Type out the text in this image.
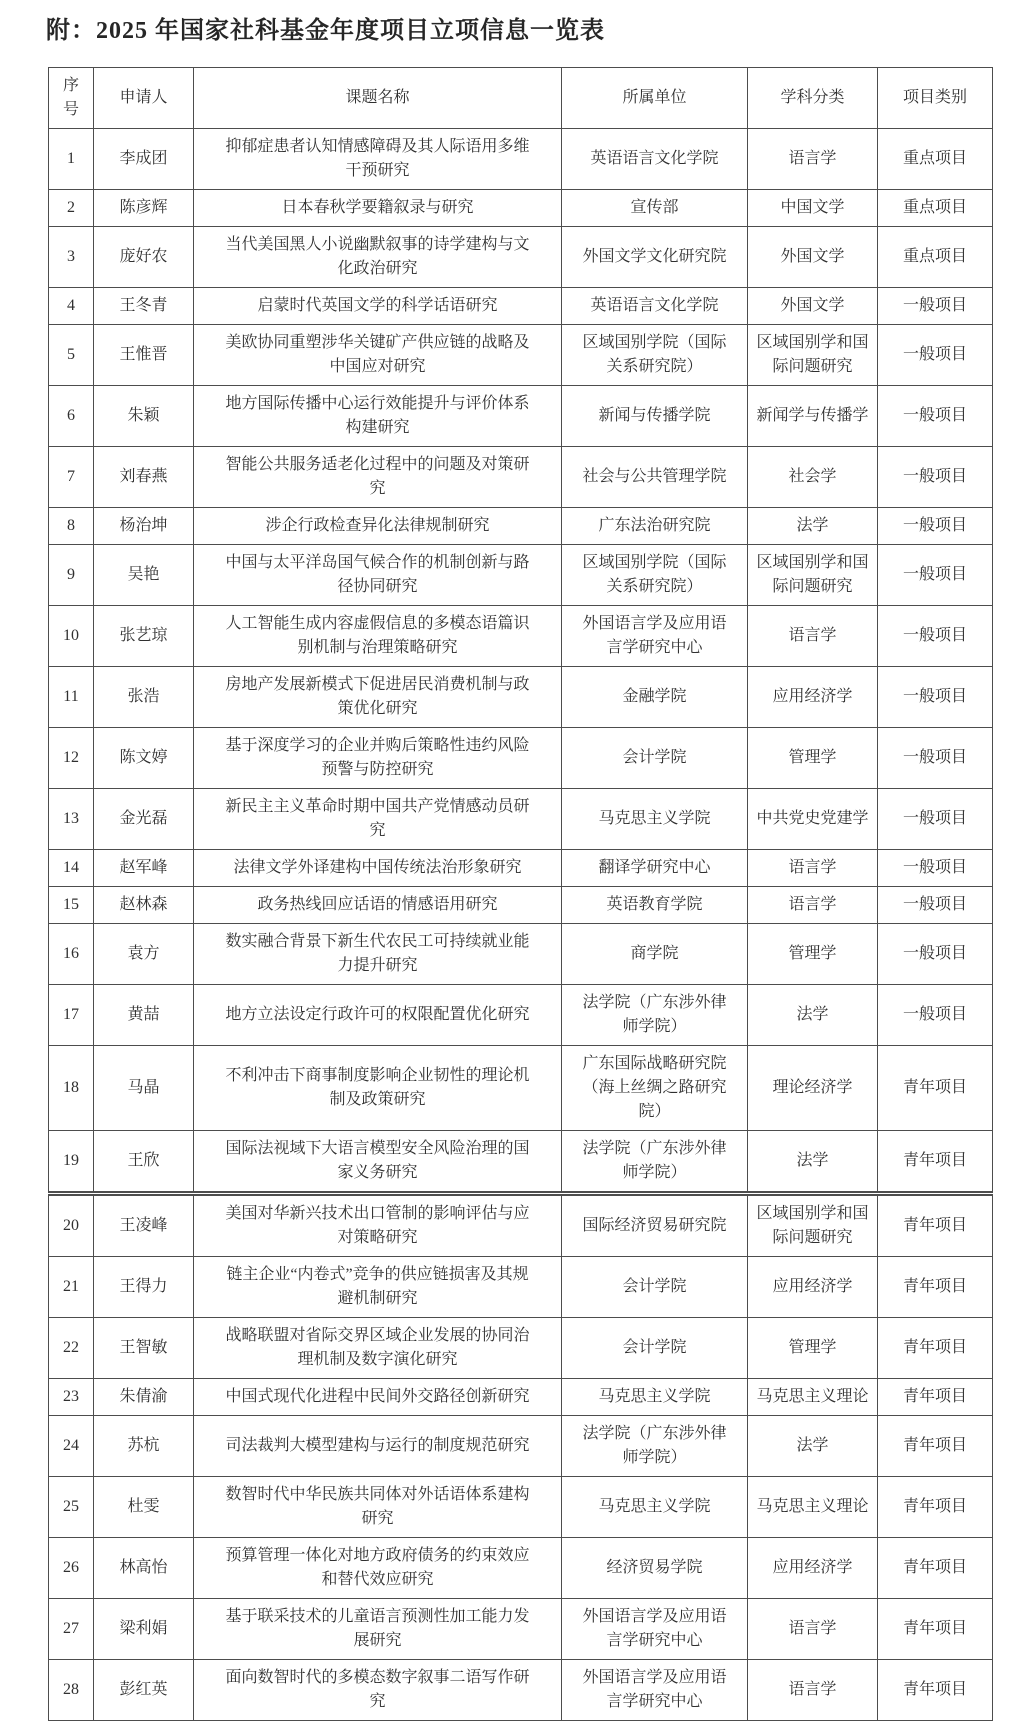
附：2025 年国家社科基金年度项目立项信息一览表
序号	申请人	课题名称	所属单位	学科分类	项目类别
1	李成团	抑郁症患者认知情感障碍及其人际语用多维干预研究	英语语言文化学院	语言学	重点项目
2	陈彦辉	日本春秋学要籍叙录与研究	宣传部	中国文学	重点项目
3	庞好农	当代美国黑人小说幽默叙事的诗学建构与文化政治研究	外国文学文化研究院	外国文学	重点项目
4	王冬青	启蒙时代英国文学的科学话语研究	英语语言文化学院	外国文学	一般项目
5	王惟晋	美欧协同重塑涉华关键矿产供应链的战略及中国应对研究	区域国别学院（国际关系研究院）	区域国别学和国际问题研究	一般项目
6	朱颖	地方国际传播中心运行效能提升与评价体系构建研究	新闻与传播学院	新闻学与传播学	一般项目
7	刘春燕	智能公共服务适老化过程中的问题及对策研究	社会与公共管理学院	社会学	一般项目
8	杨治坤	涉企行政检查异化法律规制研究	广东法治研究院	法学	一般项目
9	吴艳	中国与太平洋岛国气候合作的机制创新与路径协同研究	区域国别学院（国际关系研究院）	区域国别学和国际问题研究	一般项目
10	张艺琼	人工智能生成内容虚假信息的多模态语篇识别机制与治理策略研究	外国语言学及应用语言学研究中心	语言学	一般项目
11	张浩	房地产发展新模式下促进居民消费机制与政策优化研究	金融学院	应用经济学	一般项目
12	陈文婷	基于深度学习的企业并购后策略性违约风险预警与防控研究	会计学院	管理学	一般项目
13	金光磊	新民主主义革命时期中国共产党情感动员研究	马克思主义学院	中共党史党建学	一般项目
14	赵军峰	法律文学外译建构中国传统法治形象研究	翻译学研究中心	语言学	一般项目
15	赵林森	政务热线回应话语的情感语用研究	英语教育学院	语言学	一般项目
16	袁方	数实融合背景下新生代农民工可持续就业能力提升研究	商学院	管理学	一般项目
17	黄喆	地方立法设定行政许可的权限配置优化研究	法学院（广东涉外律师学院）	法学	一般项目
18	马晶	不利冲击下商事制度影响企业韧性的理论机制及政策研究	广东国际战略研究院（海上丝绸之路研究院）	理论经济学	青年项目
19	王欣	国际法视域下大语言模型安全风险治理的国家义务研究	法学院（广东涉外律师学院）	法学	青年项目
20	王凌峰	美国对华新兴技术出口管制的影响评估与应对策略研究	国际经济贸易研究院	区域国别学和国际问题研究	青年项目
21	王得力	链主企业“内卷式”竞争的供应链损害及其规避机制研究	会计学院	应用经济学	青年项目
22	王智敏	战略联盟对省际交界区域企业发展的协同治理机制及数字演化研究	会计学院	管理学	青年项目
23	朱倩渝	中国式现代化进程中民间外交路径创新研究	马克思主义学院	马克思主义理论	青年项目
24	苏杭	司法裁判大模型建构与运行的制度规范研究	法学院（广东涉外律师学院）	法学	青年项目
25	杜雯	数智时代中华民族共同体对外话语体系建构研究	马克思主义学院	马克思主义理论	青年项目
26	林高怡	预算管理一体化对地方政府债务的约束效应和替代效应研究	经济贸易学院	应用经济学	青年项目
27	梁利娟	基于联采技术的儿童语言预测性加工能力发展研究	外国语言学及应用语言学研究中心	语言学	青年项目
28	彭红英	面向数智时代的多模态数字叙事二语写作研究	外国语言学及应用语言学研究中心	语言学	青年项目
